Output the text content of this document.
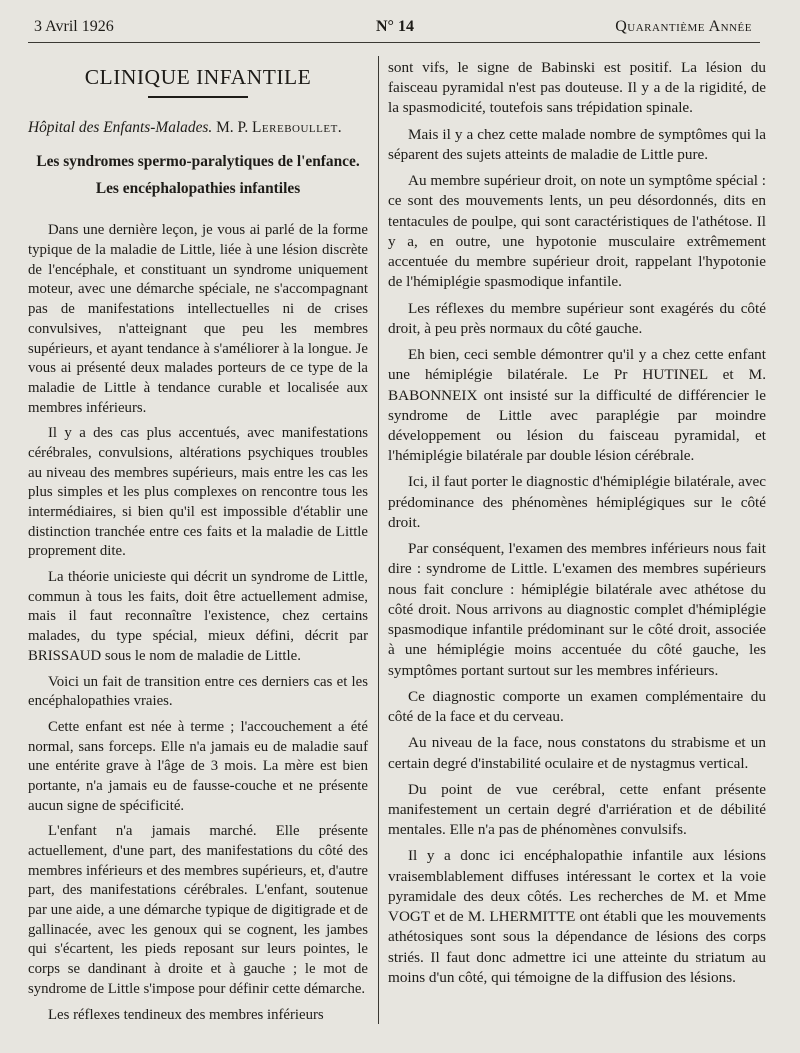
3 Avril 1926	N° 14	Quarantième Année
CLINIQUE INFANTILE
Hôpital des Enfants-Malades. M. P. Lereboullet.
Les syndromes spermo-paralytiques de l'enfance.
Les encéphalopathies infantiles

Dans une dernière leçon, je vous ai parlé de la forme typique de la maladie de Little, liée à une lésion discrète de l'encéphale, et constituant un syndrome uniquement moteur, avec une démarche spéciale, ne s'accompagnant pas de manifestations intellectuelles ni de crises convulsives, n'atteignant que peu les membres supérieurs, et ayant tendance à s'améliorer à la longue. Je vous ai présenté deux malades porteurs de ce type de la maladie de Little à tendance curable et localisée aux membres inférieurs.

Il y a des cas plus accentués, avec manifestations cérébrales, convulsions, altérations psychiques troubles au niveau des membres supérieurs, mais entre les cas les plus simples et les plus complexes on rencontre tous les intermédiaires, si bien qu'il est impossible d'établir une distinction tranchée entre ces faits et la maladie de Little proprement dite.

La théorie unicieste qui décrit un syndrome de Little, commun à tous les faits, doit être actuellement admise, mais il faut reconnaître l'existence, chez certains malades, du type spécial, mieux défini, décrit par BRISSAUD sous le nom de maladie de Little.

Voici un fait de transition entre ces derniers cas et les encéphalopathies vraies.

Cette enfant est née à terme ; l'accouchement a été normal, sans forceps. Elle n'a jamais eu de maladie sauf une entérite grave à l'âge de 3 mois. La mère est bien portante, n'a jamais eu de fausse-couche et ne présente aucun signe de spécificité.

L'enfant n'a jamais marché. Elle présente actuellement, d'une part, des manifestations du côté des membres inférieurs et des membres supérieurs, et, d'autre part, des manifestations cérébrales. L'enfant, soutenue par une aide, a une démarche typique de digitigrade et de gallinacée, avec les genoux qui se cognent, les jambes qui s'écartent, les pieds reposant sur leurs pointes, le corps se dandinant à droite et à gauche ; le mot de syndrome de Little s'impose pour définir cette démarche.

Les réflexes tendineux des membres inférieurs

sont vifs, le signe de Babinski est positif. La lésion du faisceau pyramidal n'est pas douteuse. Il y a de la rigidité, de la spasmodicité, toutefois sans trépidation spinale.

Mais il y a chez cette malade nombre de symptômes qui la séparent des sujets atteints de maladie de Little pure.

Au membre supérieur droit, on note un symptôme spécial : ce sont des mouvements lents, un peu désordonnés, dits en tentacules de poulpe, qui sont caractéristiques de l'athétose. Il y a, en outre, une hypotonie musculaire extrêmement accentuée du membre supérieur droit, rappelant l'hypotonie de l'hémiplégie spasmodique infantile.

Les réflexes du membre supérieur sont exagérés du côté droit, à peu près normaux du côté gauche.

Eh bien, ceci semble démontrer qu'il y a chez cette enfant une hémiplégie bilatérale. Le Pr HUTINEL et M. BABONNEIX ont insisté sur la difficulté de différencier le syndrome de Little avec paraplégie par moindre développement ou lésion du faisceau pyramidal, et l'hémiplégie bilatérale par double lésion cérébrale.

Ici, il faut porter le diagnostic d'hémiplégie bilatérale, avec prédominance des phénomènes hémiplégiques sur le côté droit.

Par conséquent, l'examen des membres inférieurs nous fait dire : syndrome de Little. L'examen des membres supérieurs nous fait conclure : hémiplégie bilatérale avec athétose du côté droit. Nous arrivons au diagnostic complet d'hémiplégie spasmodique infantile prédominant sur le côté droit, associée à une hémiplégie moins accentuée du côté gauche, les symptômes portant surtout sur les membres inférieurs.

Ce diagnostic comporte un examen complémentaire du côté de la face et du cerveau.

Au niveau de la face, nous constatons du strabisme et un certain degré d'instabilité oculaire et de nystagmus vertical.

Du point de vue cerébral, cette enfant présente manifestement un certain degré d'arriération et de débilité mentales. Elle n'a pas de phénomènes convulsifs.

Il y a donc ici encéphalopathie infantile aux lésions vraisemblablement diffuses intéressant le cortex et la voie pyramidale des deux côtés. Les recherches de M. et Mme VOGT et de M. LHERMITTE ont établi que les mouvements athétosiques sont sous la dépendance de lésions des corps striés. Il faut donc admettre ici une atteinte du striatum au moins d'un côté, qui témoigne de la diffusion des lésions.
